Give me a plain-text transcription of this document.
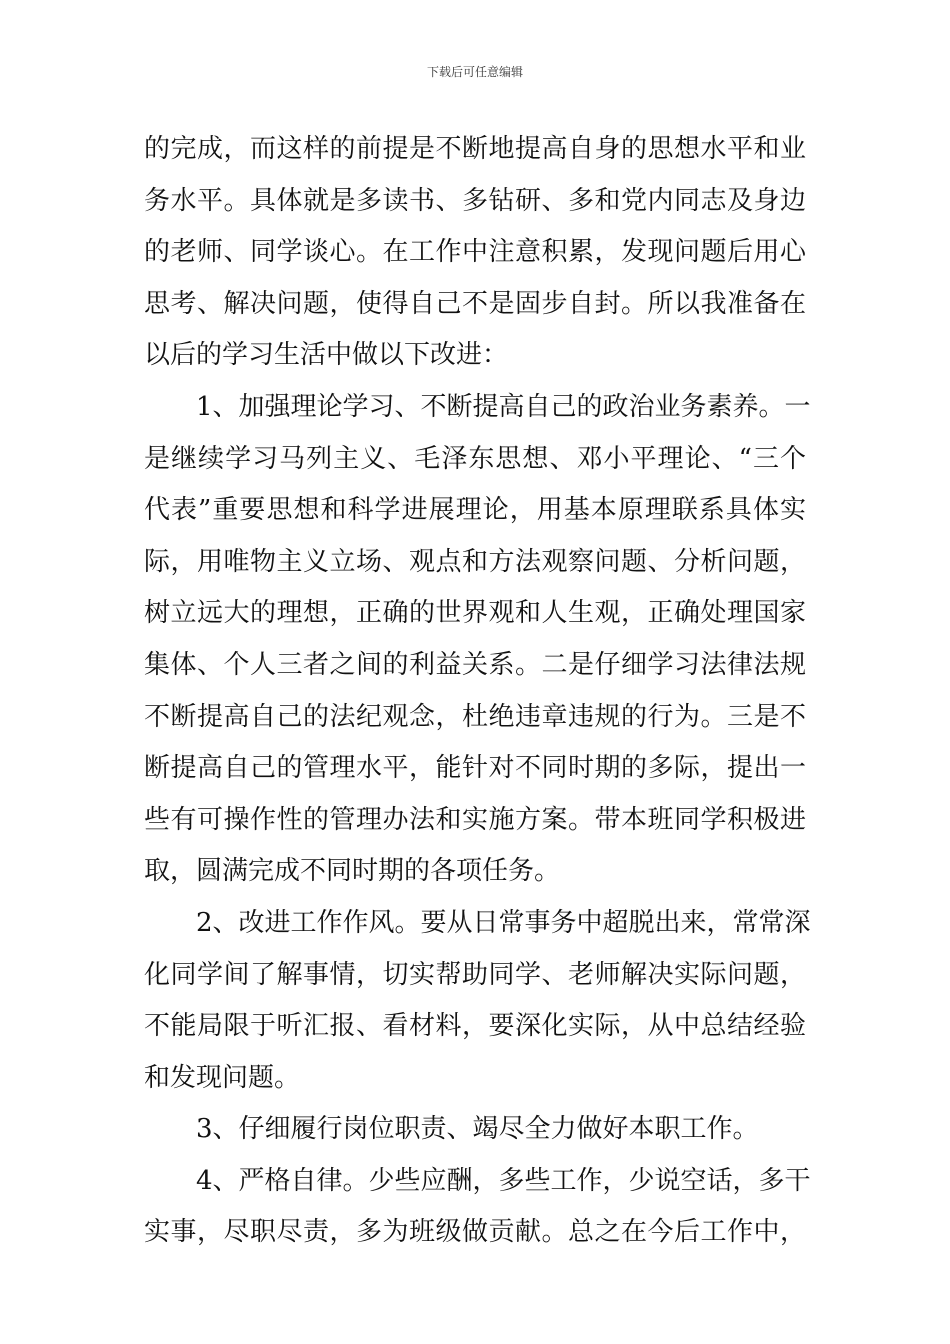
下载后可任意编辑
的完成，而这样的前提是不断地提高自身的思想水平和业
务水平。具体就是多读书、多钻研、多和党内同志及身边
的老师、同学谈心。在工作中注意积累，发现问题后用心
思考、解决问题，使得自己不是固步自封。所以我准备在
以后的学习生活中做以下改进：
1、加强理论学习、不断提高自己的政治业务素养。一
是继续学习马列主义、毛泽东思想、邓小平理论、“三个
代表”重要思想和科学进展理论，用基本原理联系具体实
际，用唯物主义立场、观点和方法观察问题、分析问题，
树立远大的理想，正确的世界观和人生观，正确处理国家
集体、个人三者之间的利益关系。二是仔细学习法律法规
不断提高自己的法纪观念，杜绝违章违规的行为。三是不
断提高自己的管理水平，能针对不同时期的多际，提出一
些有可操作性的管理办法和实施方案。带本班同学积极进
取，圆满完成不同时期的各项任务。
2、改进工作作风。要从日常事务中超脱出来，常常深
化同学间了解事情，切实帮助同学、老师解决实际问题，
不能局限于听汇报、看材料，要深化实际，从中总结经验
和发现问题。
3、仔细履行岗位职责、竭尽全力做好本职工作。
4、严格自律。少些应酬，多些工作，少说空话，多干
实事，尽职尽责，多为班级做贡献。总之在今后工作中，
